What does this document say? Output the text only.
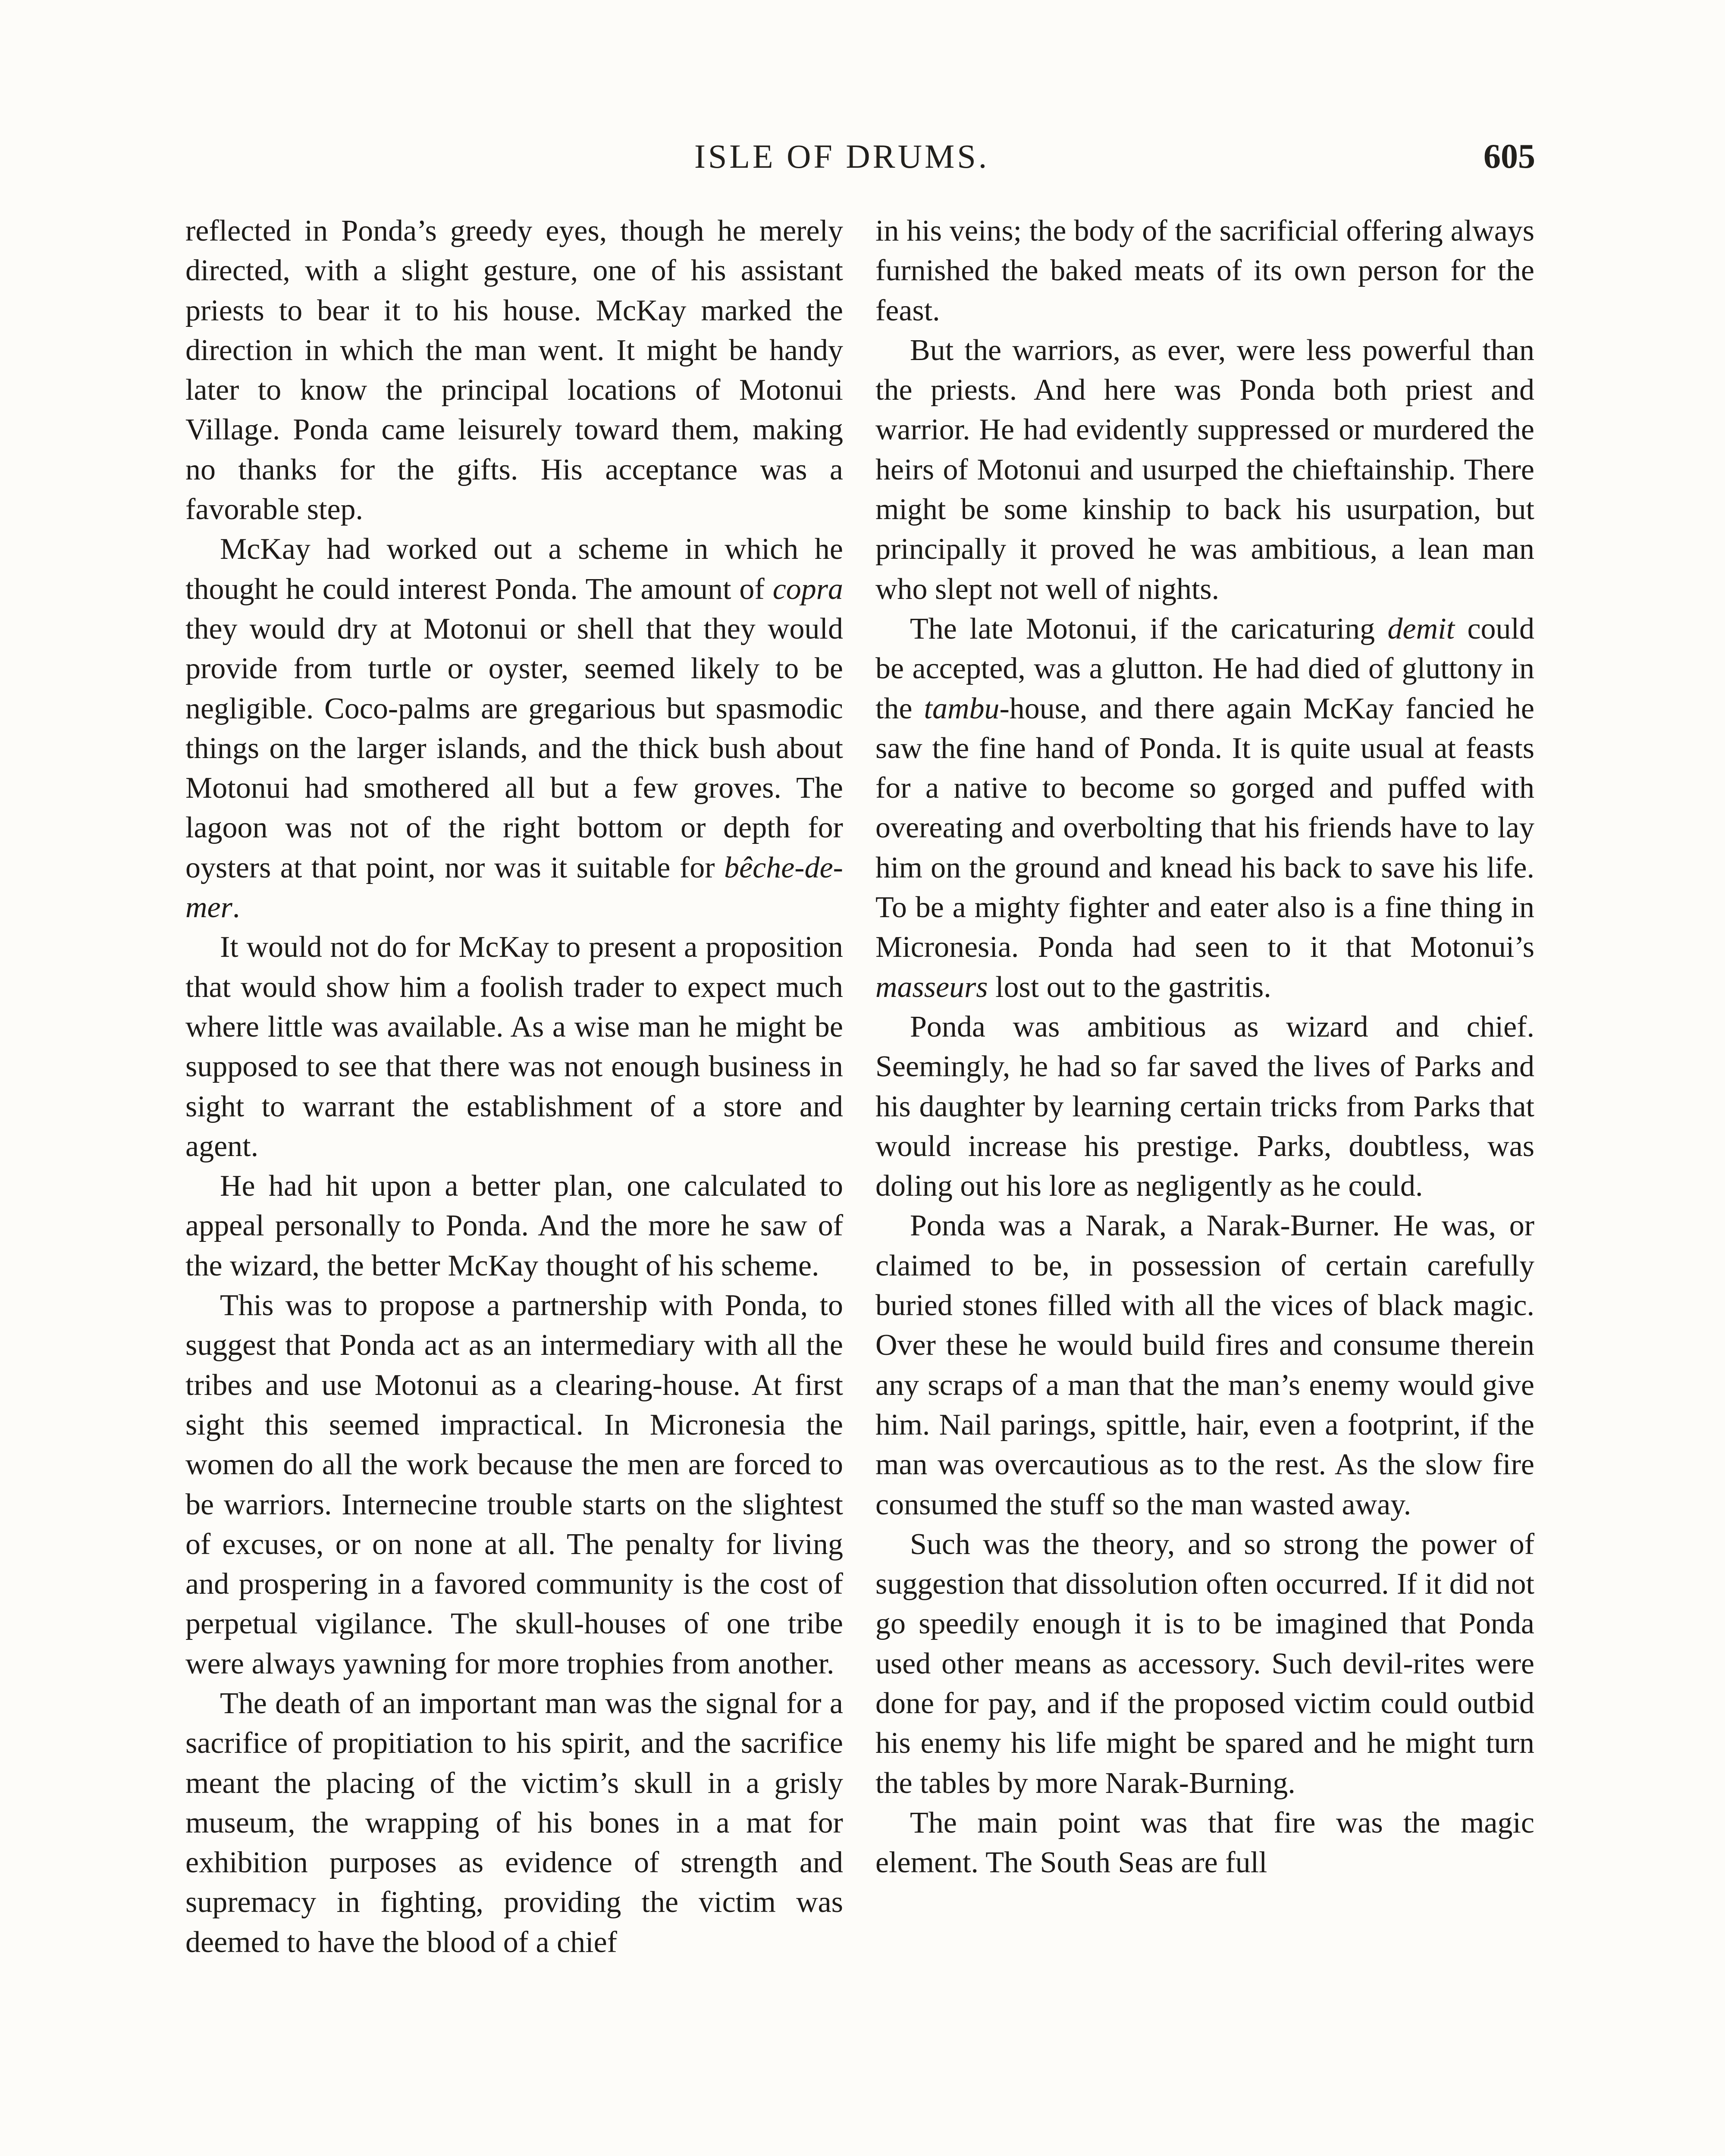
ISLE OF DRUMS.	605

reflected in Ponda’s greedy eyes, though he merely directed, with a slight gesture, one of his assistant priests to bear it to his house. McKay marked the direction in which the man went. It might be handy later to know the principal locations of Motonui Village. Ponda came leisurely toward them, making no thanks for the gifts. His acceptance was a favorable step.

McKay had worked out a scheme in which he thought he could interest Ponda. The amount of copra they would dry at Motonui or shell that they would provide from turtle or oyster, seemed likely to be negligible. Coco-palms are gregarious but spasmodic things on the larger islands, and the thick bush about Motonui had smothered all but a few groves. The lagoon was not of the right bottom or depth for oysters at that point, nor was it suitable for bêche-de-mer.

It would not do for McKay to present a proposition that would show him a foolish trader to expect much where little was available. As a wise man he might be supposed to see that there was not enough business in sight to warrant the establishment of a store and agent.

He had hit upon a better plan, one calculated to appeal personally to Ponda. And the more he saw of the wizard, the better McKay thought of his scheme.

This was to propose a partnership with Ponda, to suggest that Ponda act as an intermediary with all the tribes and use Motonui as a clearing-house. At first sight this seemed impractical. In Micronesia the women do all the work because the men are forced to be warriors. Internecine trouble starts on the slightest of excuses, or on none at all. The penalty for living and prospering in a favored community is the cost of perpetual vigilance. The skull-houses of one tribe were always yawning for more trophies from another.

The death of an important man was the signal for a sacrifice of propitiation to his spirit, and the sacrifice meant the placing of the victim’s skull in a grisly museum, the wrapping of his bones in a mat for exhibition purposes as evidence of strength and supremacy in fighting, providing the victim was deemed to have the blood of a chief

in his veins; the body of the sacrificial offering always furnished the baked meats of its own person for the feast.

But the warriors, as ever, were less powerful than the priests. And here was Ponda both priest and warrior. He had evidently suppressed or murdered the heirs of Motonui and usurped the chieftainship. There might be some kinship to back his usurpation, but principally it proved he was ambitious, a lean man who slept not well of nights.

The late Motonui, if the caricaturing demit could be accepted, was a glutton. He had died of gluttony in the tambu-house, and there again McKay fancied he saw the fine hand of Ponda. It is quite usual at feasts for a native to become so gorged and puffed with overeating and overbolting that his friends have to lay him on the ground and knead his back to save his life. To be a mighty fighter and eater also is a fine thing in Micronesia. Ponda had seen to it that Motonui’s masseurs lost out to the gastritis.

Ponda was ambitious as wizard and chief. Seemingly, he had so far saved the lives of Parks and his daughter by learning certain tricks from Parks that would increase his prestige. Parks, doubtless, was doling out his lore as negligently as he could.

Ponda was a Narak, a Narak-Burner. He was, or claimed to be, in possession of certain carefully buried stones filled with all the vices of black magic. Over these he would build fires and consume therein any scraps of a man that the man’s enemy would give him. Nail parings, spittle, hair, even a footprint, if the man was overcautious as to the rest. As the slow fire consumed the stuff so the man wasted away.

Such was the theory, and so strong the power of suggestion that dissolution often occurred. If it did not go speedily enough it is to be imagined that Ponda used other means as accessory. Such devil-rites were done for pay, and if the proposed victim could outbid his enemy his life might be spared and he might turn the tables by more Narak-Burning.

The main point was that fire was the magic element. The South Seas are full
